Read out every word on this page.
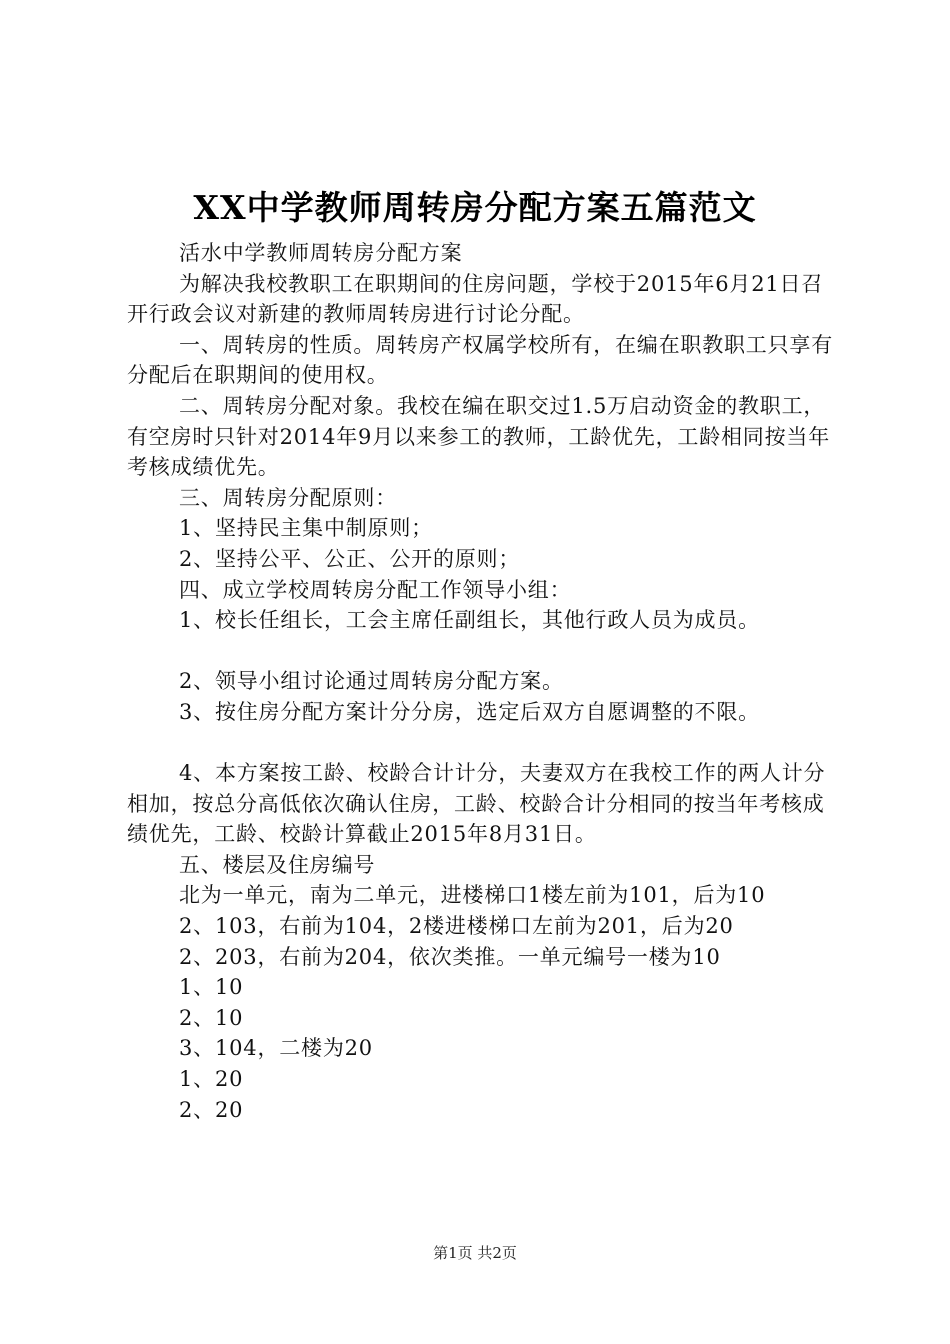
XX中学教师周转房分配方案五篇范文

活水中学教师周转房分配方案

为解决我校教职工在职期间的住房问题，学校于2015年6月21日召开行政会议对新建的教师周转房进行讨论分配。

一、周转房的性质。周转房产权属学校所有，在编在职教职工只享有分配后在职期间的使用权。

二、周转房分配对象。我校在编在职交过1.5万启动资金的教职工，有空房时只针对2014年9月以来参工的教师，工龄优先，工龄相同按当年考核成绩优先。

三、周转房分配原则：

1、坚持民主集中制原则；

2、坚持公平、公正、公开的原则；

四、成立学校周转房分配工作领导小组：

1、校长任组长，工会主席任副组长，其他行政人员为成员。

2、领导小组讨论通过周转房分配方案。

3、按住房分配方案计分分房，选定后双方自愿调整的不限。

4、本方案按工龄、校龄合计计分，夫妻双方在我校工作的两人计分相加，按总分高低依次确认住房，工龄、校龄合计分相同的按当年考核成绩优先，工龄、校龄计算截止2015年8月31日。

五、楼层及住房编号

北为一单元，南为二单元，进楼梯口1楼左前为101，后为10

2、103，右前为104，2楼进楼梯口左前为201，后为20

2、203，右前为204，依次类推。一单元编号一楼为10

1、10

2、10

3、104，二楼为20

1、20

2、20

第1页 共2页
